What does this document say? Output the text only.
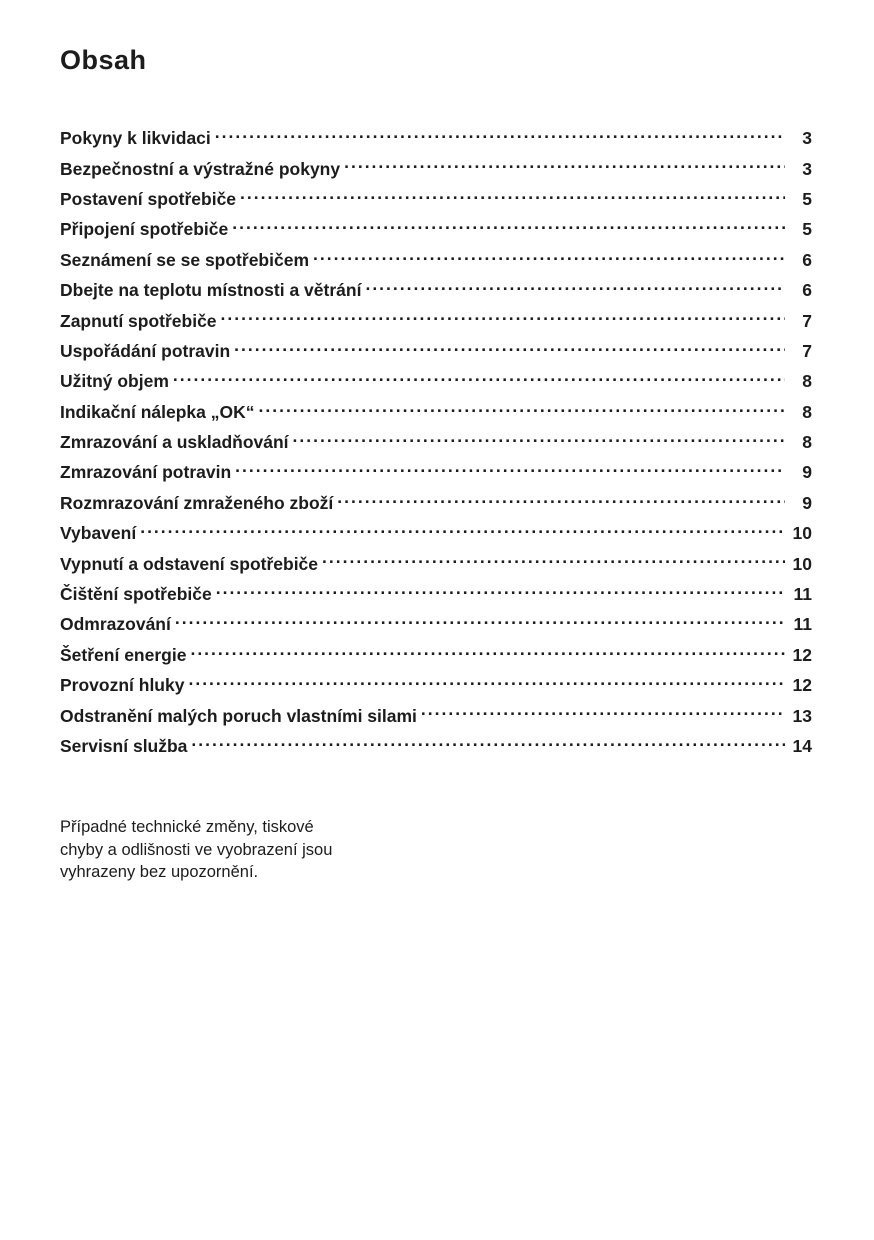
Obsah
Pokyny k likvidaci .....	3
Bezpečnostní a výstražné pokyny .....	3
Postavení spotřebiče .....	5
Připojení spotřebiče .....	5
Seznámení se se spotřebičem .....	6
Dbejte na teplotu místnosti a větrání .....	6
Zapnutí spotřebiče .....	7
Uspořádání potravin .....	7
Užitný objem .....	8
Indikační nálepka „OK“ .....	8
Zmrazování a uskladňování .....	8
Zmrazování potravin .....	9
Rozmrazování zmraženého zboží .....	9
Vybavení .....	10
Vypnutí a odstavení spotřebiče .....	10
Čištění spotřebiče .....	11
Odmrazování .....	11
Šetření energie .....	12
Provozní hluky .....	12
Odstranění malých poruch vlastními silami .....	13
Servisní služba .....	14
Případné technické změny, tiskové
chyby a odlišnosti ve vyobrazení jsou
vyhrazeny bez upozornění.
